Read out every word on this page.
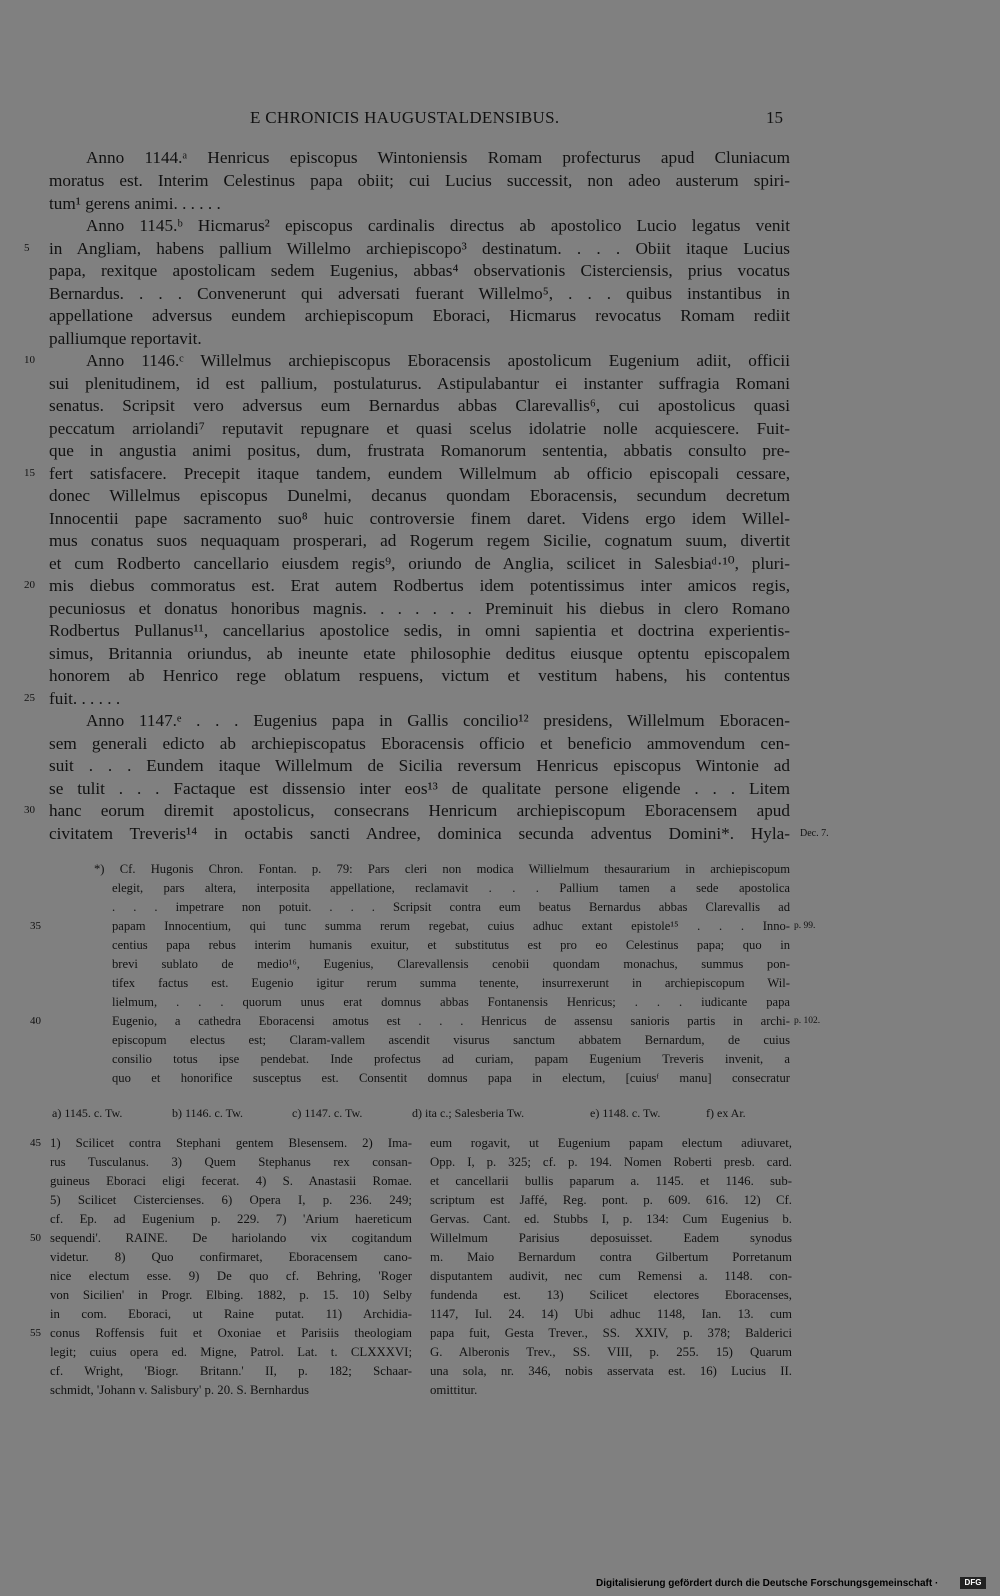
E CHRONICIS HAUGUSTALDENSIBUS.	15
Anno 1144.ᵃ Henricus episcopus Wintoniensis Romam profecturus apud Cluniacum
moratus est. Interim Celestinus papa obiit; cui Lucius successit, non adeo austerum spiri-
tum¹ gerens animi. . . . . .
Anno 1145.ᵇ Hicmarus² episcopus cardinalis directus ab apostolico Lucio legatus venit
in Angliam, habens pallium Willelmo archiepiscopo³ destinatum. . . . Obiit itaque Lucius
papa, rexitque apostolicam sedem Eugenius, abbas⁴ observationis Cisterciensis, prius vocatus
Bernardus. . . . Convenerunt qui adversati fuerant Willelmo⁵, . . . quibus instantibus in
appellatione adversus eundem archiepiscopum Eboraci, Hicmarus revocatus Romam rediit
palliumque reportavit.
Anno 1146.ᶜ Willelmus archiepiscopus Eboracensis apostolicum Eugenium adiit, officii
sui plenitudinem, id est pallium, postulaturus. Astipulabantur ei instanter suffragia Romani
senatus. Scripsit vero adversus eum Bernardus abbas Clarevallis⁶, cui apostolicus quasi
peccatum arriolandi⁷ reputavit repugnare et quasi scelus idolatrie nolle acquiescere. Fuit-
que in angustia animi positus, dum, frustrata Romanorum sententia, abbatis consulto pre-
fert satisfacere. Precepit itaque tandem, eundem Willelmum ab officio episcopali cessare,
donec Willelmus episcopus Dunelmi, decanus quondam Eboracensis, secundum decretum
Innocentii pape sacramento suo⁸ huic controversie finem daret. Videns ergo idem Willel-
mus conatus suos nequaquam prosperari, ad Rogerum regem Sicilie, cognatum suum, divertit
et cum Rodberto cancellario eiusdem regis⁹, oriundo de Anglia, scilicet in Salesbiaᵈ·¹⁰, pluri-
mis diebus commoratus est. Erat autem Rodbertus idem potentissimus inter amicos regis,
pecuniosus et donatus honoribus magnis. . . . . . . Preminuit his diebus in clero Romano
Rodbertus Pullanus¹¹, cancellarius apostolice sedis, in omni sapientia et doctrina experientis-
simus, Britannia oriundus, ab ineunte etate philosophie deditus eiusque optentu episcopalem
honorem ab Henrico rege oblatum respuens, victum et vestitum habens, his contentus
fuit. . . . . .
Anno 1147.ᵉ . . . Eugenius papa in Gallis concilio¹² presidens, Willelmum Eboracen-
sem generali edicto ab archiepiscopatus Eboracensis officio et beneficio ammovendum cen-
suit . . . Eundem itaque Willelmum de Sicilia reversum Henricus episcopus Wintonie ad
se tulit . . . Factaque est dissensio inter eos¹³ de qualitate persone eligende . . . Litem
hanc eorum diremit apostolicus, consecrans Henricum archiepiscopum Eboracensem apud
civitatem Treveris¹⁴ in octabis sancti Andree, dominica secunda adventus Domini*. Hyla-
5
10
15
20
25
30
Dec. 7.
*) Cf. Hugonis Chron. Fontan. p. 79: Pars cleri non modica Willielmum thesaurarium in archiepiscopum
elegit, pars altera, interposita appellatione, reclamavit . . . Pallium tamen a sede apostolica
. . . impetrare non potuit. . . . Scripsit contra eum beatus Bernardus abbas Clarevallis ad
papam Innocentium, qui tunc summa rerum regebat, cuius adhuc extant epistole¹⁵ . . . Inno-
centius papa rebus interim humanis exuitur, et substitutus est pro eo Celestinus papa; quo in
brevi sublato de medio¹⁶, Eugenius, Clarevallensis cenobii quondam monachus, summus pon-
tifex factus est. Eugenio igitur rerum summa tenente, insurrexerunt in archiepiscopum Wil-
lielmum, . . . quorum unus erat domnus abbas Fontanensis Henricus; . . . iudicante papa
Eugenio, a cathedra Eboracensi amotus est . . . Henricus de assensu sanioris partis in archi-
episcopum electus est; Claram-vallem ascendit visurus sanctum abbatem Bernardum, de cuius
consilio totus ipse pendebat. Inde profectus ad curiam, papam Eugenium Treveris invenit, a
quo et honorifice susceptus est. Consentit domnus papa in electum, [cuiusᶠ manu] consecratur
35
40
p. 99.
p. 102.
a) 1145. c. Tw.	b) 1146. c. Tw.	c) 1147. c. Tw.	d) ita c.; Salesberia Tw.	e) 1148. c. Tw.	f) ex Ar.
1) Scilicet contra Stephani gentem Blesensem. 2) Ima-
rus Tusculanus. 3) Quem Stephanus rex consan-
guineus Eboraci eligi fecerat. 4) S. Anastasii Romae.
5) Scilicet Cistercienses. 6) Opera I, p. 236. 249;
cf. Ep. ad Eugenium p. 229. 7) 'Arium haereticum
sequendi'. RAINE. De hariolando vix cogitandum
videtur. 8) Quo confirmaret, Eboracensem cano-
nice electum esse. 9) De quo cf. Behring, 'Roger
von Sicilien' in Progr. Elbing. 1882, p. 15. 10) Selby
in com. Eboraci, ut Raine putat. 11) Archidia-
conus Roffensis fuit et Oxoniae et Parisiis theologiam
legit; cuius opera ed. Migne, Patrol. Lat. t. CLXXXVI;
cf. Wright, 'Biogr. Britann.' II, p. 182; Schaar-
schmidt, 'Johann v. Salisbury' p. 20. S. Bernhardus
eum rogavit, ut Eugenium papam electum adiuvaret,
Opp. I, p. 325; cf. p. 194. Nomen Roberti presb. card.
et cancellarii bullis paparum a. 1145. et 1146. sub-
scriptum est Jaffé, Reg. pont. p. 609. 616. 12) Cf.
Gervas. Cant. ed. Stubbs I, p. 134: Cum Eugenius b.
Willelmum Parisius deposuisset. Eadem synodus
m. Maio Bernardum contra Gilbertum Porretanum
disputantem audivit, nec cum Remensi a. 1148. con-
fundenda est. 13) Scilicet electores Eboracenses,
1147, Iul. 24. 14) Ubi adhuc 1148, Ian. 13. cum
papa fuit, Gesta Trever., SS. XXIV, p. 378; Balderici
G. Alberonis Trev., SS. VIII, p. 255. 15) Quarum
una sola, nr. 346, nobis asservata est. 16) Lucius II.
omittitur.
45
50
55
Digitalisierung gefördert durch die Deutsche Forschungsgemeinschaft ·	DFG
